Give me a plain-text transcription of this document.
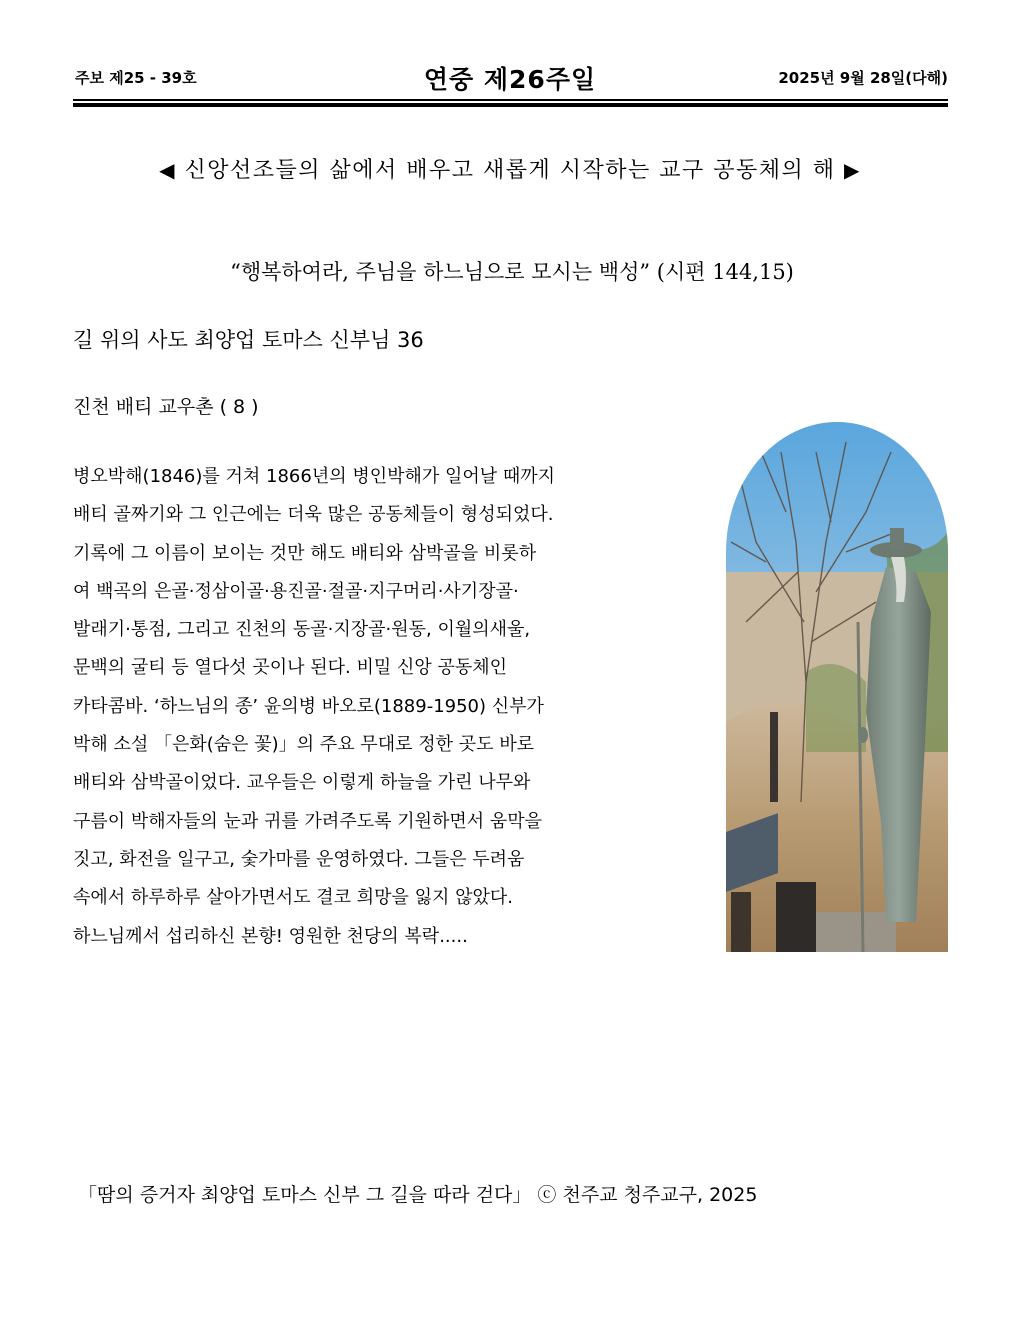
주보 제25 - 39호	연중 제26주일	2025년 9월 28일(다해)
◀ 신앙선조들의 삶에서 배우고 새롭게 시작하는 교구 공동체의 해 ▶
“행복하여라, 주님을 하느님으로 모시는 백성” (시편 144,15)
길 위의 사도 최양업 토마스 신부님 36
진천 배티 교우촌 ( 8 )
병오박해(1846)를 거쳐 1866년의 병인박해가 일어날 때까지
배티 골짜기와 그 인근에는 더욱 많은 공동체들이 형성되었다.
기록에 그 이름이 보이는 것만 해도 배티와 삼박골을 비롯하
여 백곡의 은골·정삼이골·용진골·절골·지구머리·사기장골·
발래기·통점, 그리고 진천의 동골·지장골·원동, 이월의새울,
문백의 굴티 등 열다섯 곳이나 된다. 비밀 신앙 공동체인
카타콤바. ‘하느님의 종’ 윤의병 바오로(1889-1950) 신부가
박해 소설 「은화(숨은 꽃)」의 주요 무대로 정한 곳도 바로
배티와 삼박골이었다. 교우들은 이렇게 하늘을 가린 나무와
구름이 박해자들의 눈과 귀를 가려주도록 기원하면서 움막을
짓고, 화전을 일구고, 숯가마를 운영하였다. 그들은 두려움
속에서 하루하루 살아가면서도 결코 희망을 잃지 않았다.
하느님께서 섭리하신 본향! 영원한 천당의 복락.....
「땀의 증거자 최양업 토마스 신부 그 길을 따라 걷다」 ⓒ 천주교 청주교구, 2025
